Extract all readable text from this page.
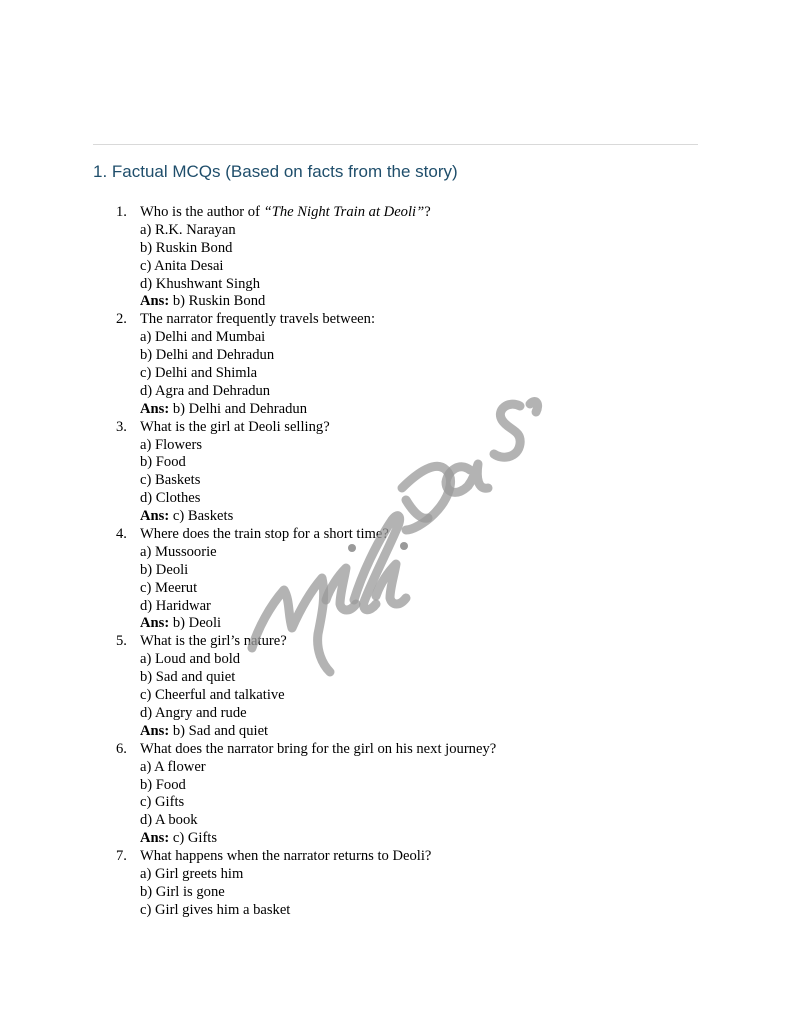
1. Factual MCQs (Based on facts from the story)
1. Who is the author of “The Night Train at Deoli”?
a) R.K. Narayan
b) Ruskin Bond
c) Anita Desai
d) Khushwant Singh
Ans: b) Ruskin Bond
2. The narrator frequently travels between:
a) Delhi and Mumbai
b) Delhi and Dehradun
c) Delhi and Shimla
d) Agra and Dehradun
Ans: b) Delhi and Dehradun
3. What is the girl at Deoli selling?
a) Flowers
b) Food
c) Baskets
d) Clothes
Ans: c) Baskets
4. Where does the train stop for a short time?
a) Mussoorie
b) Deoli
c) Meerut
d) Haridwar
Ans: b) Deoli
5. What is the girl’s nature?
a) Loud and bold
b) Sad and quiet
c) Cheerful and talkative
d) Angry and rude
Ans: b) Sad and quiet
6. What does the narrator bring for the girl on his next journey?
a) A flower
b) Food
c) Gifts
d) A book
Ans: c) Gifts
7. What happens when the narrator returns to Deoli?
a) Girl greets him
b) Girl is gone
c) Girl gives him a basket
